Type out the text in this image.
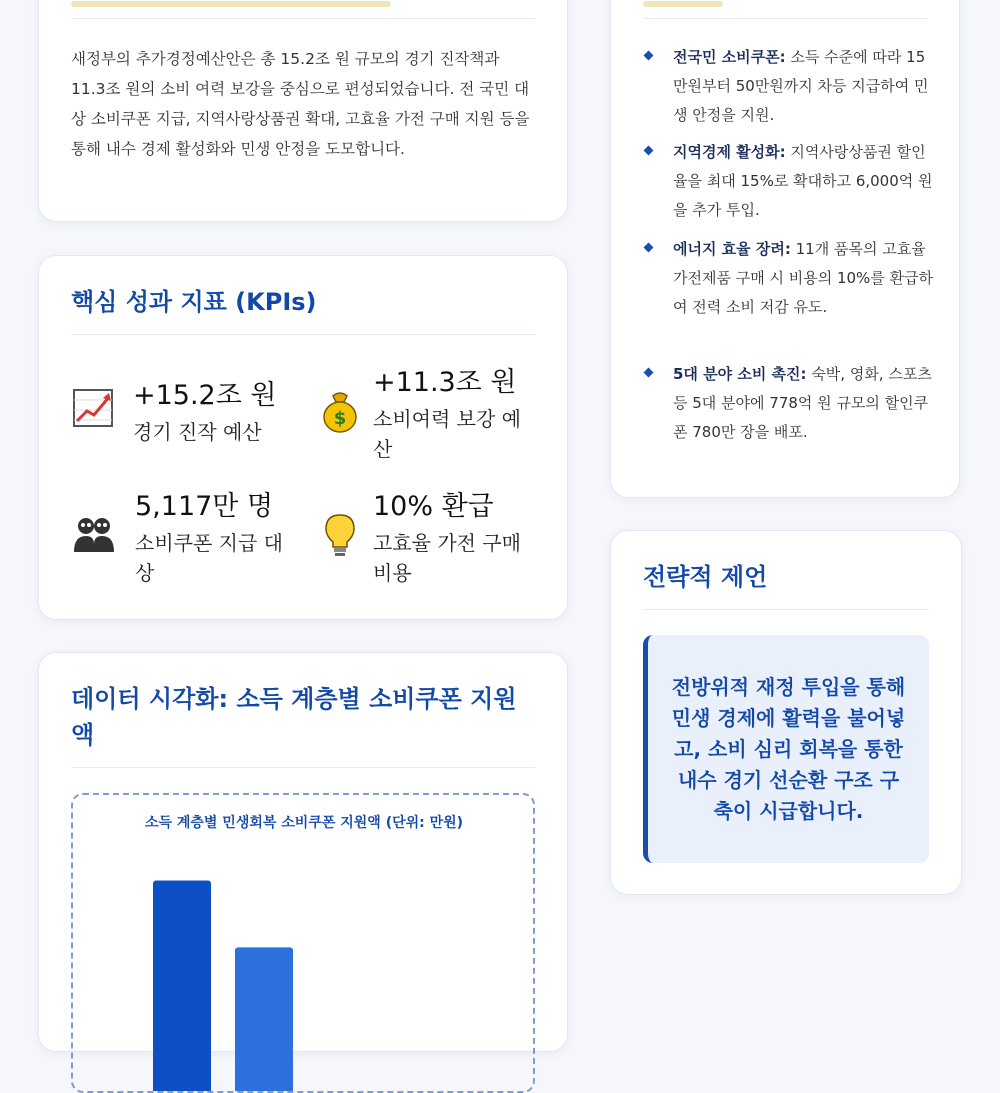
새정부의 추가경정예산안은 총 15.2조 원 규모의 경기 진작책과 11.3조 원의 소비 여력 보강을 중심으로 편성되었습니다. 전 국민 대상 소비쿠폰 지급, 지역사랑상품권 확대, 고효율 가전 구매 지원 등을 통해 내수 경제 활성화와 민생 안정을 도모합니다.
핵심 성과 지표 (KPIs)
+15.2조 원
경기 진작 예산
$
+11.3조 원
소비여력 보강 예산
5,117만 명
소비쿠폰 지급 대상
10% 환급
고효율 가전 구매 비용
데이터 시각화: 소득 계층별 소비쿠폰 지원액
소득 계층별 민생회복 소비쿠폰 지원액 (단위: 만원)
전국민 소비쿠폰: 소득 수준에 따라 15만원부터 50만원까지 차등 지급하여 민생 안정을 지원.
지역경제 활성화: 지역사랑상품권 할인율을 최대 15%로 확대하고 6,000억 원을 추가 투입.
에너지 효율 장려: 11개 품목의 고효율 가전제품 구매 시 비용의 10%를 환급하여 전력 소비 저감 유도.
5대 분야 소비 촉진: 숙박, 영화, 스포츠 등 5대 분야에 778억 원 규모의 할인쿠폰 780만 장을 배포.
전략적 제언
전방위적 재정 투입을 통해 민생 경제에 활력을 불어넣고, 소비 심리 회복을 통한 내수 경기 선순환 구조 구축이 시급합니다.
